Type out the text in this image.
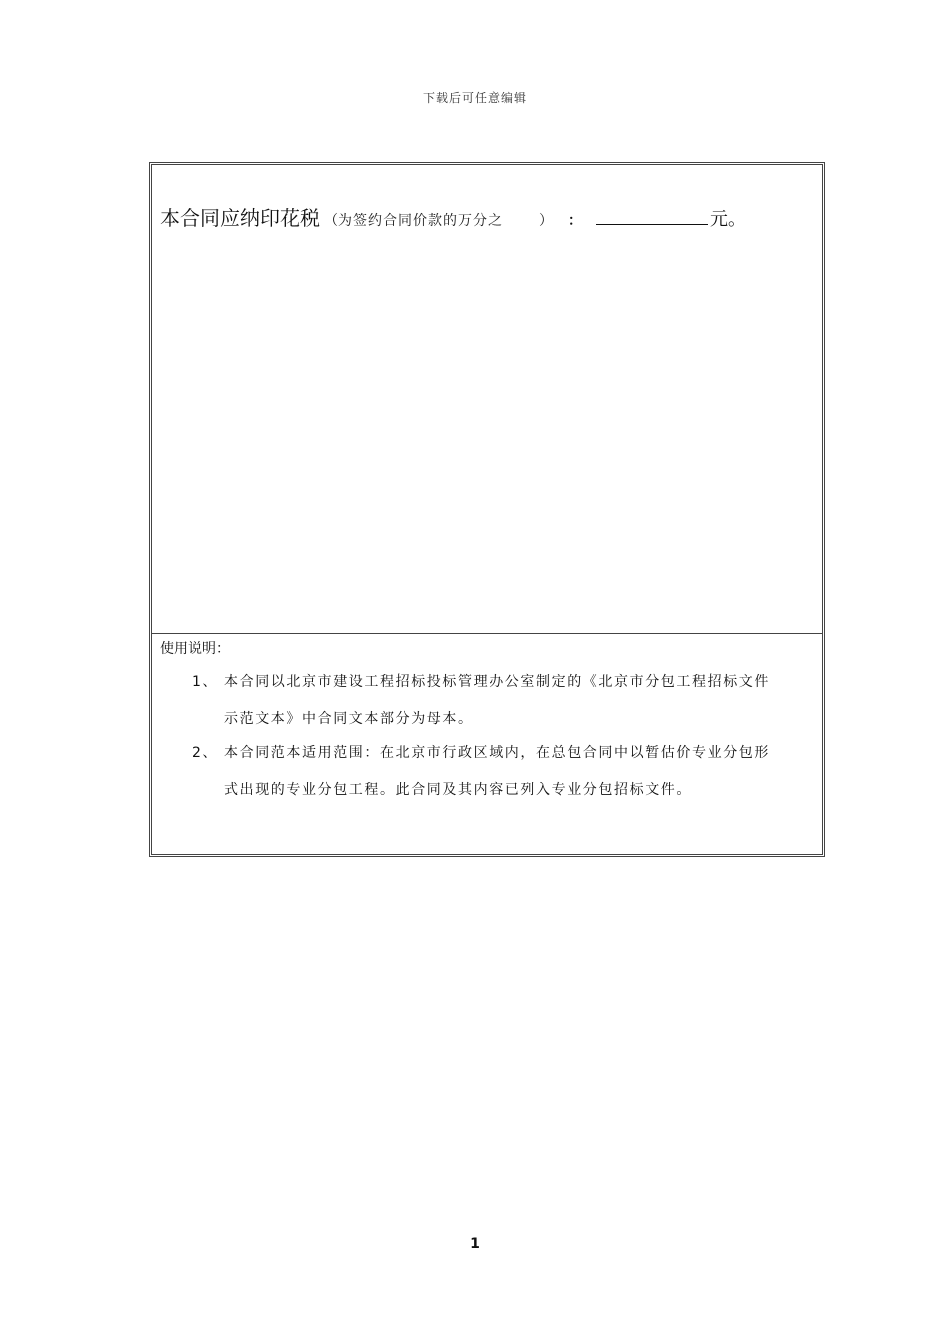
下载后可任意编辑
本合同应纳印花税 （ 为签约合同价款的万分之	） ：	元。
使用说明：
1、 本合同以北京市建设工程招标投标管理办公室制定的《北京市分包工程招标文件
示范文本》中合同文本部分为母本。
2、 本合同范本适用范围：在北京市行政区域内，在总包合同中以暂估价专业分包形
式出现的专业分包工程。此合同及其内容已列入专业分包招标文件。
1
